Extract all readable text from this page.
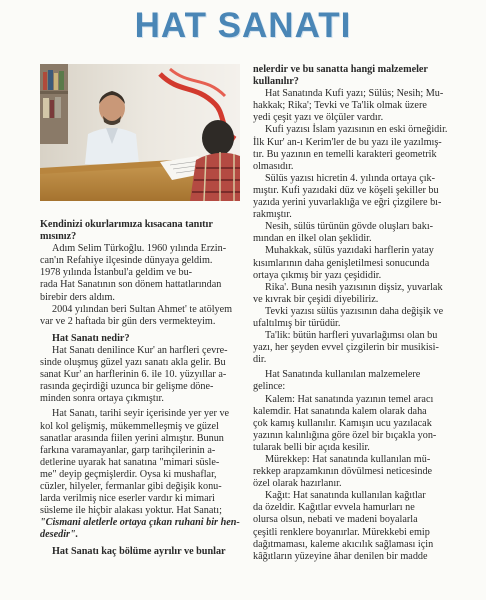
HAT SANATI

Kendinizi okurlarımıza kısacana tanıtır
mısınız?

Adım Selim Türkoğlu. 1960 yılında Erzin-
can'ın Refahiye ilçesinde dünyaya geldim.
1978 yılında İstanbul'a geldim ve bu-
rada Hat Sanatının son dönem hattatlarından
birebir ders aldım.

2004 yılından beri Sultan Ahmet' te atölyem
var ve 2 haftada bir gün ders vermekteyim.

Hat Sanatı nedir?

Hat Sanatı denilince Kur' an harfleri çevre-
sinde oluşmuş güzel yazı sanatı akla gelir. Bu
sanat Kur' an harflerinin 6. ile 10. yüzyıllar a-
rasında geçirdiği uzunca bir gelişme döne-
minden sonra ortaya çıkmıştır.

Hat Sanatı, tarihi seyir içerisinde yer yer ve
kol kol gelişmiş, mükemmelleşmiş ve güzel
sanatlar arasında fiilen yerini almıştır. Bunun
farkına varamayanlar, garp tarihçilerinin a-
detlerine uyarak hat sanatına "mimari süsle-
me" deyip geçmişlerdir. Oysa ki mushaflar,
cüzler, hilyeler, fermanlar gibi değişik konu-
larda verilmiş nice eserler vardır ki mimari
süsleme ile hiçbir alakası yoktur. Hat Sanatı;
"Cismani aletlerle ortaya çıkan ruhani bir hen-
desedir".

Hat Sanatı kaç bölüme ayrılır ve bunlar

nelerdir ve bu sanatta hangi malzemeler
kullanılır?

Hat Sanatında Kufi yazı; Sülüs; Nesih; Mu-
hakkak; Rika'; Tevki ve Ta'lik olmak üzere
yedi çeşit yazı ve ölçüler vardır.

Kufi yazısı İslam yazısının en eski örneğidir.
İlk Kur' an-ı Kerim'ler de bu yazı ile yazılmış-
tır. Bu yazının en temelli karakteri geometrik
olmasıdır.

Sülüs yazısı hicretin 4. yılında ortaya çık-
mıştır. Kufi yazıdaki düz ve köşeli şekiller bu
yazıda yerini yuvarlaklığa ve eğri çizgilere bı-
rakmıştır.

Nesih, sülüs türünün gövde oluşları bakı-
mından en ilkel olan şeklidir.

Muhakkak, sülüs yazıdaki harflerin yatay
kısımlarının daha genişletilmesi sonucunda
ortaya çıkmış bir yazı çeşididir.

Rika'. Buna nesih yazısının dişsiz, yuvarlak
ve kıvrak bir çeşidi diyebiliriz.

Tevki yazısı sülüs yazısının daha değişik ve
ufaltılmış bir türüdür.

Ta'lik: bütün harfleri yuvarlağımsı olan bu
yazı, her şeyden evvel çizgilerin bir musikisi-
dir.

Hat Sanatında kullanılan malzemelere
gelince:

Kalem: Hat sanatında yazının temel aracı
kalemdir. Hat sanatında kalem olarak daha
çok kamış kullanılır. Kamışın ucu yazılacak
yazının kalınlığına göre özel bir bıçakla yon-
tularak belli bir açıda kesilir.

Mürekkep: Hat sanatında kullanılan mü-
rekkep arapzamkının dövülmesi neticesinde
özel olarak hazırlanır.

Kağıt: Hat sanatında kullanılan kağıtlar
da özeldir. Kağıtlar evvela hamurları ne
olursa olsun, nebati ve madeni boyalarla
çeşitli renklere boyanırlar. Mürekkebi emip
dağıtmaması, kaleme akıcılık sağlaması için
kâğıtların yüzeyine âhar denilen bir madde
